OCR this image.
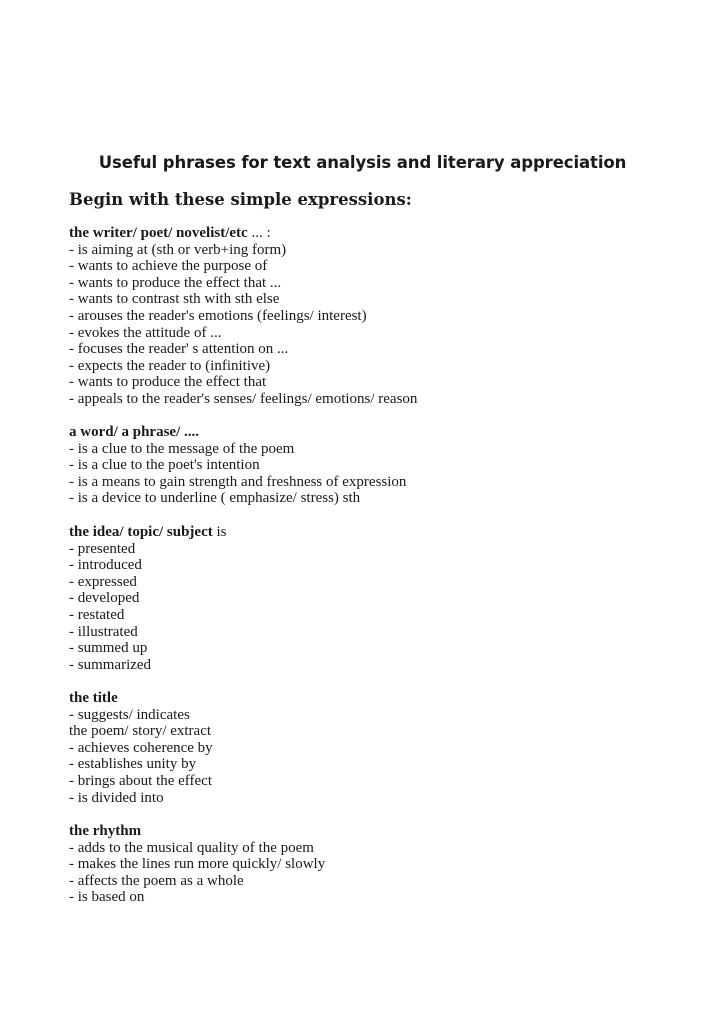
Useful phrases for text analysis and literary appreciation
Begin with these simple expressions:

the writer/ poet/ novelist/etc ... :

- is aiming at (sth or verb+ing form)

- wants to achieve the purpose of

- wants to produce the effect that ...

- wants to contrast sth with sth else

- arouses the reader's emotions (feelings/ interest)

- evokes the attitude of ...

- focuses the reader' s attention on ...

- expects the reader to (infinitive)

- wants to produce the effect that

- appeals to the reader's senses/ feelings/ emotions/ reason

a word/ a phrase/ ....

- is a clue to the message of the poem

- is a clue to the poet's intention

- is a means to gain strength and freshness of expression

- is a device to underline ( emphasize/ stress) sth

the idea/ topic/ subject is

- presented

- introduced

- expressed

- developed

- restated

- illustrated

- summed up

- summarized

the title

- suggests/ indicates

the poem/ story/ extract

- achieves coherence by

- establishes unity by

- brings about the effect

- is divided into

the rhythm

- adds to the musical quality of the poem

- makes the lines run more quickly/ slowly

- affects the poem as a whole

- is based on
